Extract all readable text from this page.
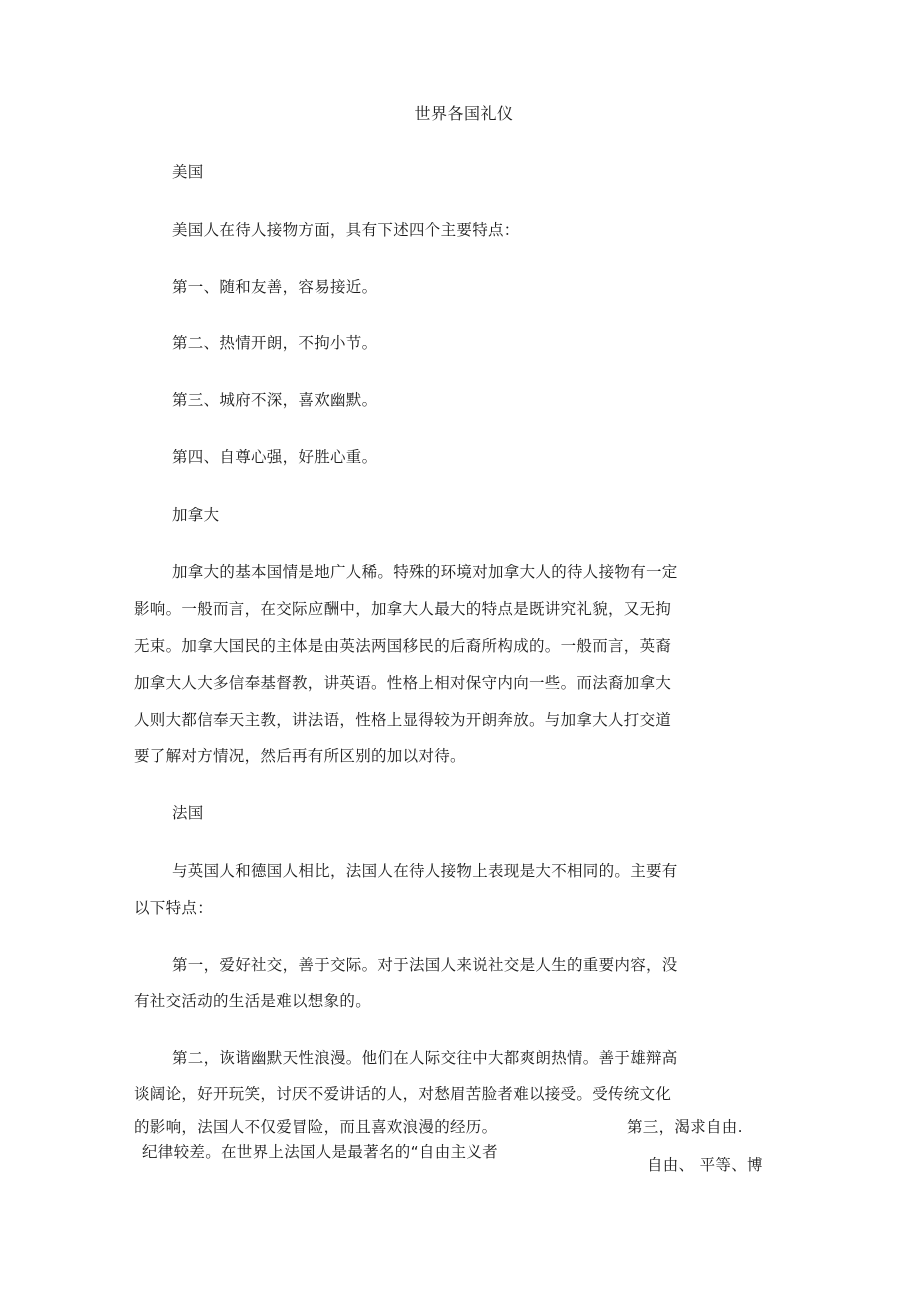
世界各国礼仪
美国
美国人在待人接物方面，具有下述四个主要特点：
第一、随和友善，容易接近。
第二、热情开朗，不拘小节。
第三、城府不深，喜欢幽默。
第四、自尊心强，好胜心重。
加拿大
加拿大的基本国情是地广人稀。特殊的环境对加拿大人的待人接物有一定
影响。一般而言，在交际应酬中，加拿大人最大的特点是既讲究礼貌，又无拘
无束。加拿大国民的主体是由英法两国移民的后裔所构成的。一般而言，英裔
加拿大人大多信奉基督教，讲英语。性格上相对保守内向一些。而法裔加拿大
人则大都信奉天主教，讲法语，性格上显得较为开朗奔放。与加拿大人打交道
要了解对方情况，然后再有所区别的加以对待。
法国
与英国人和德国人相比，法国人在待人接物上表现是大不相同的。主要有
以下特点：
第一，爱好社交，善于交际。对于法国人来说社交是人生的重要内容，没
有社交活动的生活是难以想象的。
第二，诙谐幽默天性浪漫。他们在人际交往中大都爽朗热情。善于雄辩高
谈阔论，好开玩笑，讨厌不爱讲话的人，对愁眉苦脸者难以接受。受传统文化
的影响，法国人不仅爱冒险，而且喜欢浪漫的经历。	第三，渴求自由.
纪律较差。在世界上法国人是最著名的“自由主义者
自由、 平等、博
